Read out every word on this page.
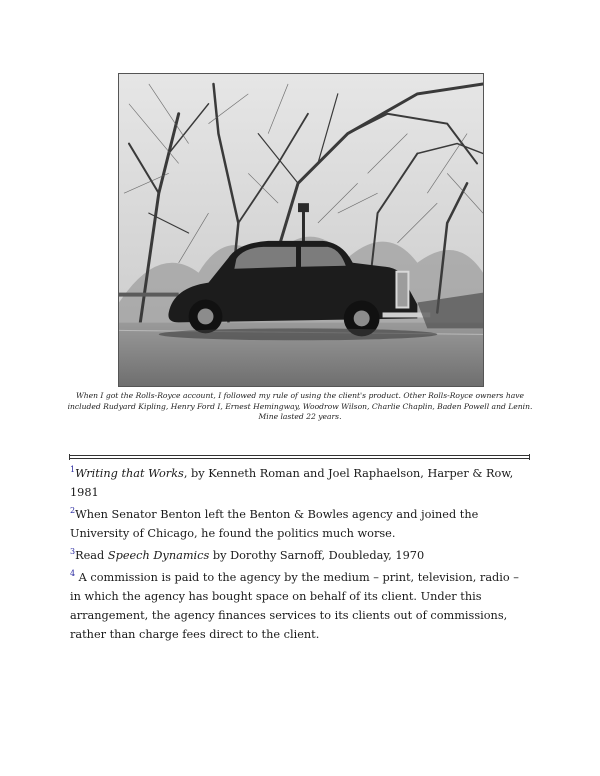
When I got the Rolls-Royce account, I followed my rule of using the client's product. Other Rolls-Royce owners have included Rudyard Kipling, Henry Ford I, Ernest Hemingway, Woodrow Wilson, Charlie Chaplin, Baden Powell and Lenin. Mine lasted 22 years.

$^1$Writing that Works, by Kenneth Roman and Joel Raphaelson, Harper & Row, 1981

$^2$When Senator Benton left the Benton & Bowles agency and joined the University of Chicago, he found the politics much worse.

$^3$Read Speech Dynamics by Dorothy Sarnoff, Doubleday, 1970

$^4$ A commission is paid to the agency by the medium – print, television, radio – in which the agency has bought space on behalf of its client. Under this arrangement, the agency finances services to its clients out of commissions, rather than charge fees direct to the client.
